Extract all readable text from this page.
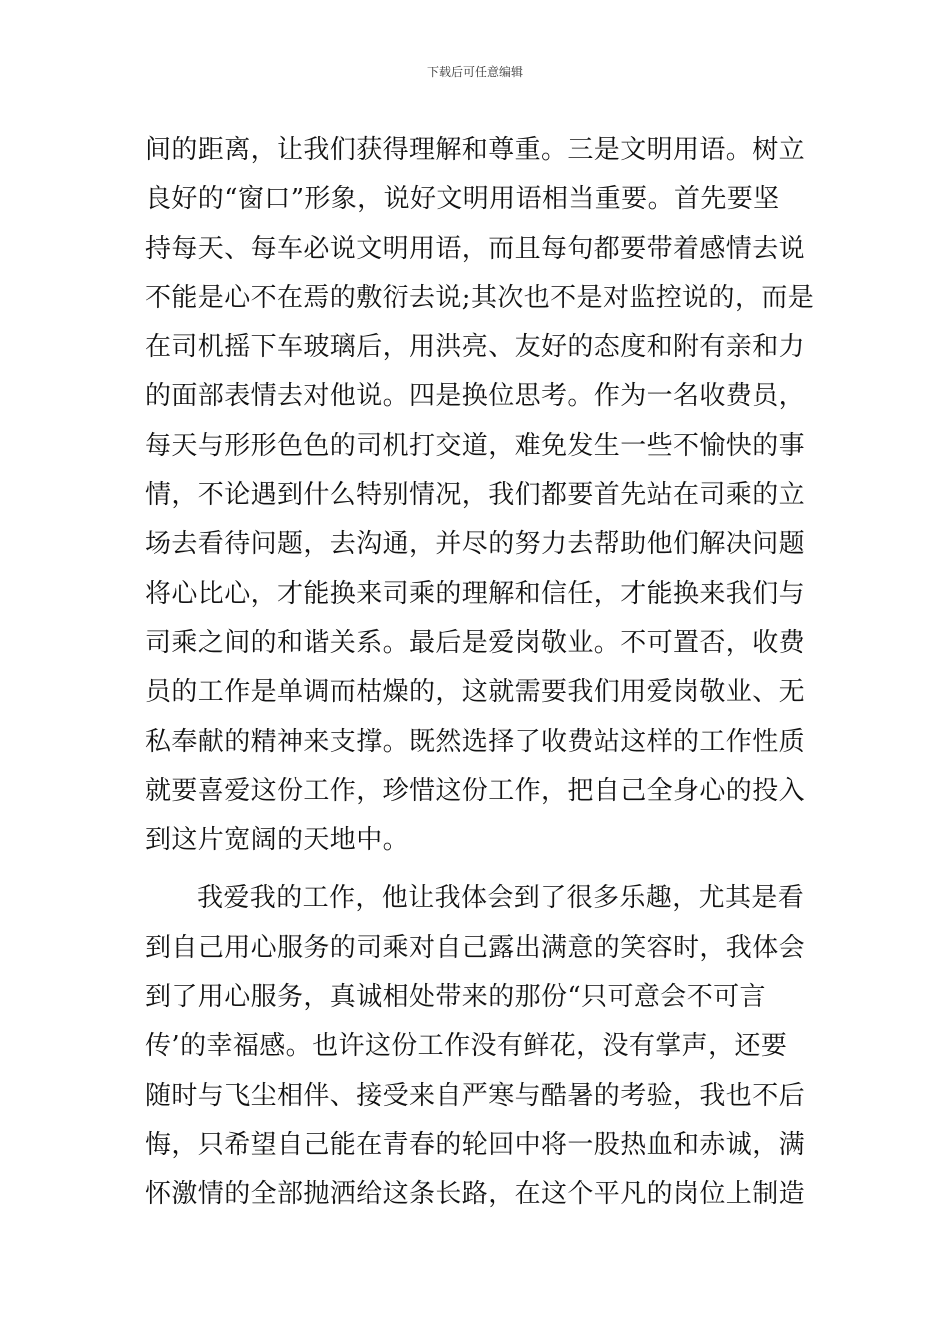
下载后可任意编辑
间的距离，让我们获得理解和尊重。三是文明用语。树立
良好的“窗口”形象，说好文明用语相当重要。首先要坚
持每天、每车必说文明用语，而且每句都要带着感情去说
不能是心不在焉的敷衍去说;其次也不是对监控说的，而是
在司机摇下车玻璃后，用洪亮、友好的态度和附有亲和力
的面部表情去对他说。四是换位思考。作为一名收费员，
每天与形形色色的司机打交道，难免发生一些不愉快的事
情，不论遇到什么特别情况，我们都要首先站在司乘的立
场去看待问题，去沟通，并尽的努力去帮助他们解决问题
将心比心，才能换来司乘的理解和信任，才能换来我们与
司乘之间的和谐关系。最后是爱岗敬业。不可置否，收费
员的工作是单调而枯燥的，这就需要我们用爱岗敬业、无
私奉献的精神来支撑。既然选择了收费站这样的工作性质
就要喜爱这份工作，珍惜这份工作，把自己全身心的投入
到这片宽阔的天地中。
我爱我的工作，他让我体会到了很多乐趣，尤其是看
到自己用心服务的司乘对自己露出满意的笑容时，我体会
到了用心服务，真诚相处带来的那份“只可意会不可言
传’的幸福感。也许这份工作没有鲜花，没有掌声，还要
随时与飞尘相伴、接受来自严寒与酷暑的考验，我也不后
悔，只希望自己能在青春的轮回中将一股热血和赤诚，满
怀激情的全部抛洒给这条长路，在这个平凡的岗位上制造
